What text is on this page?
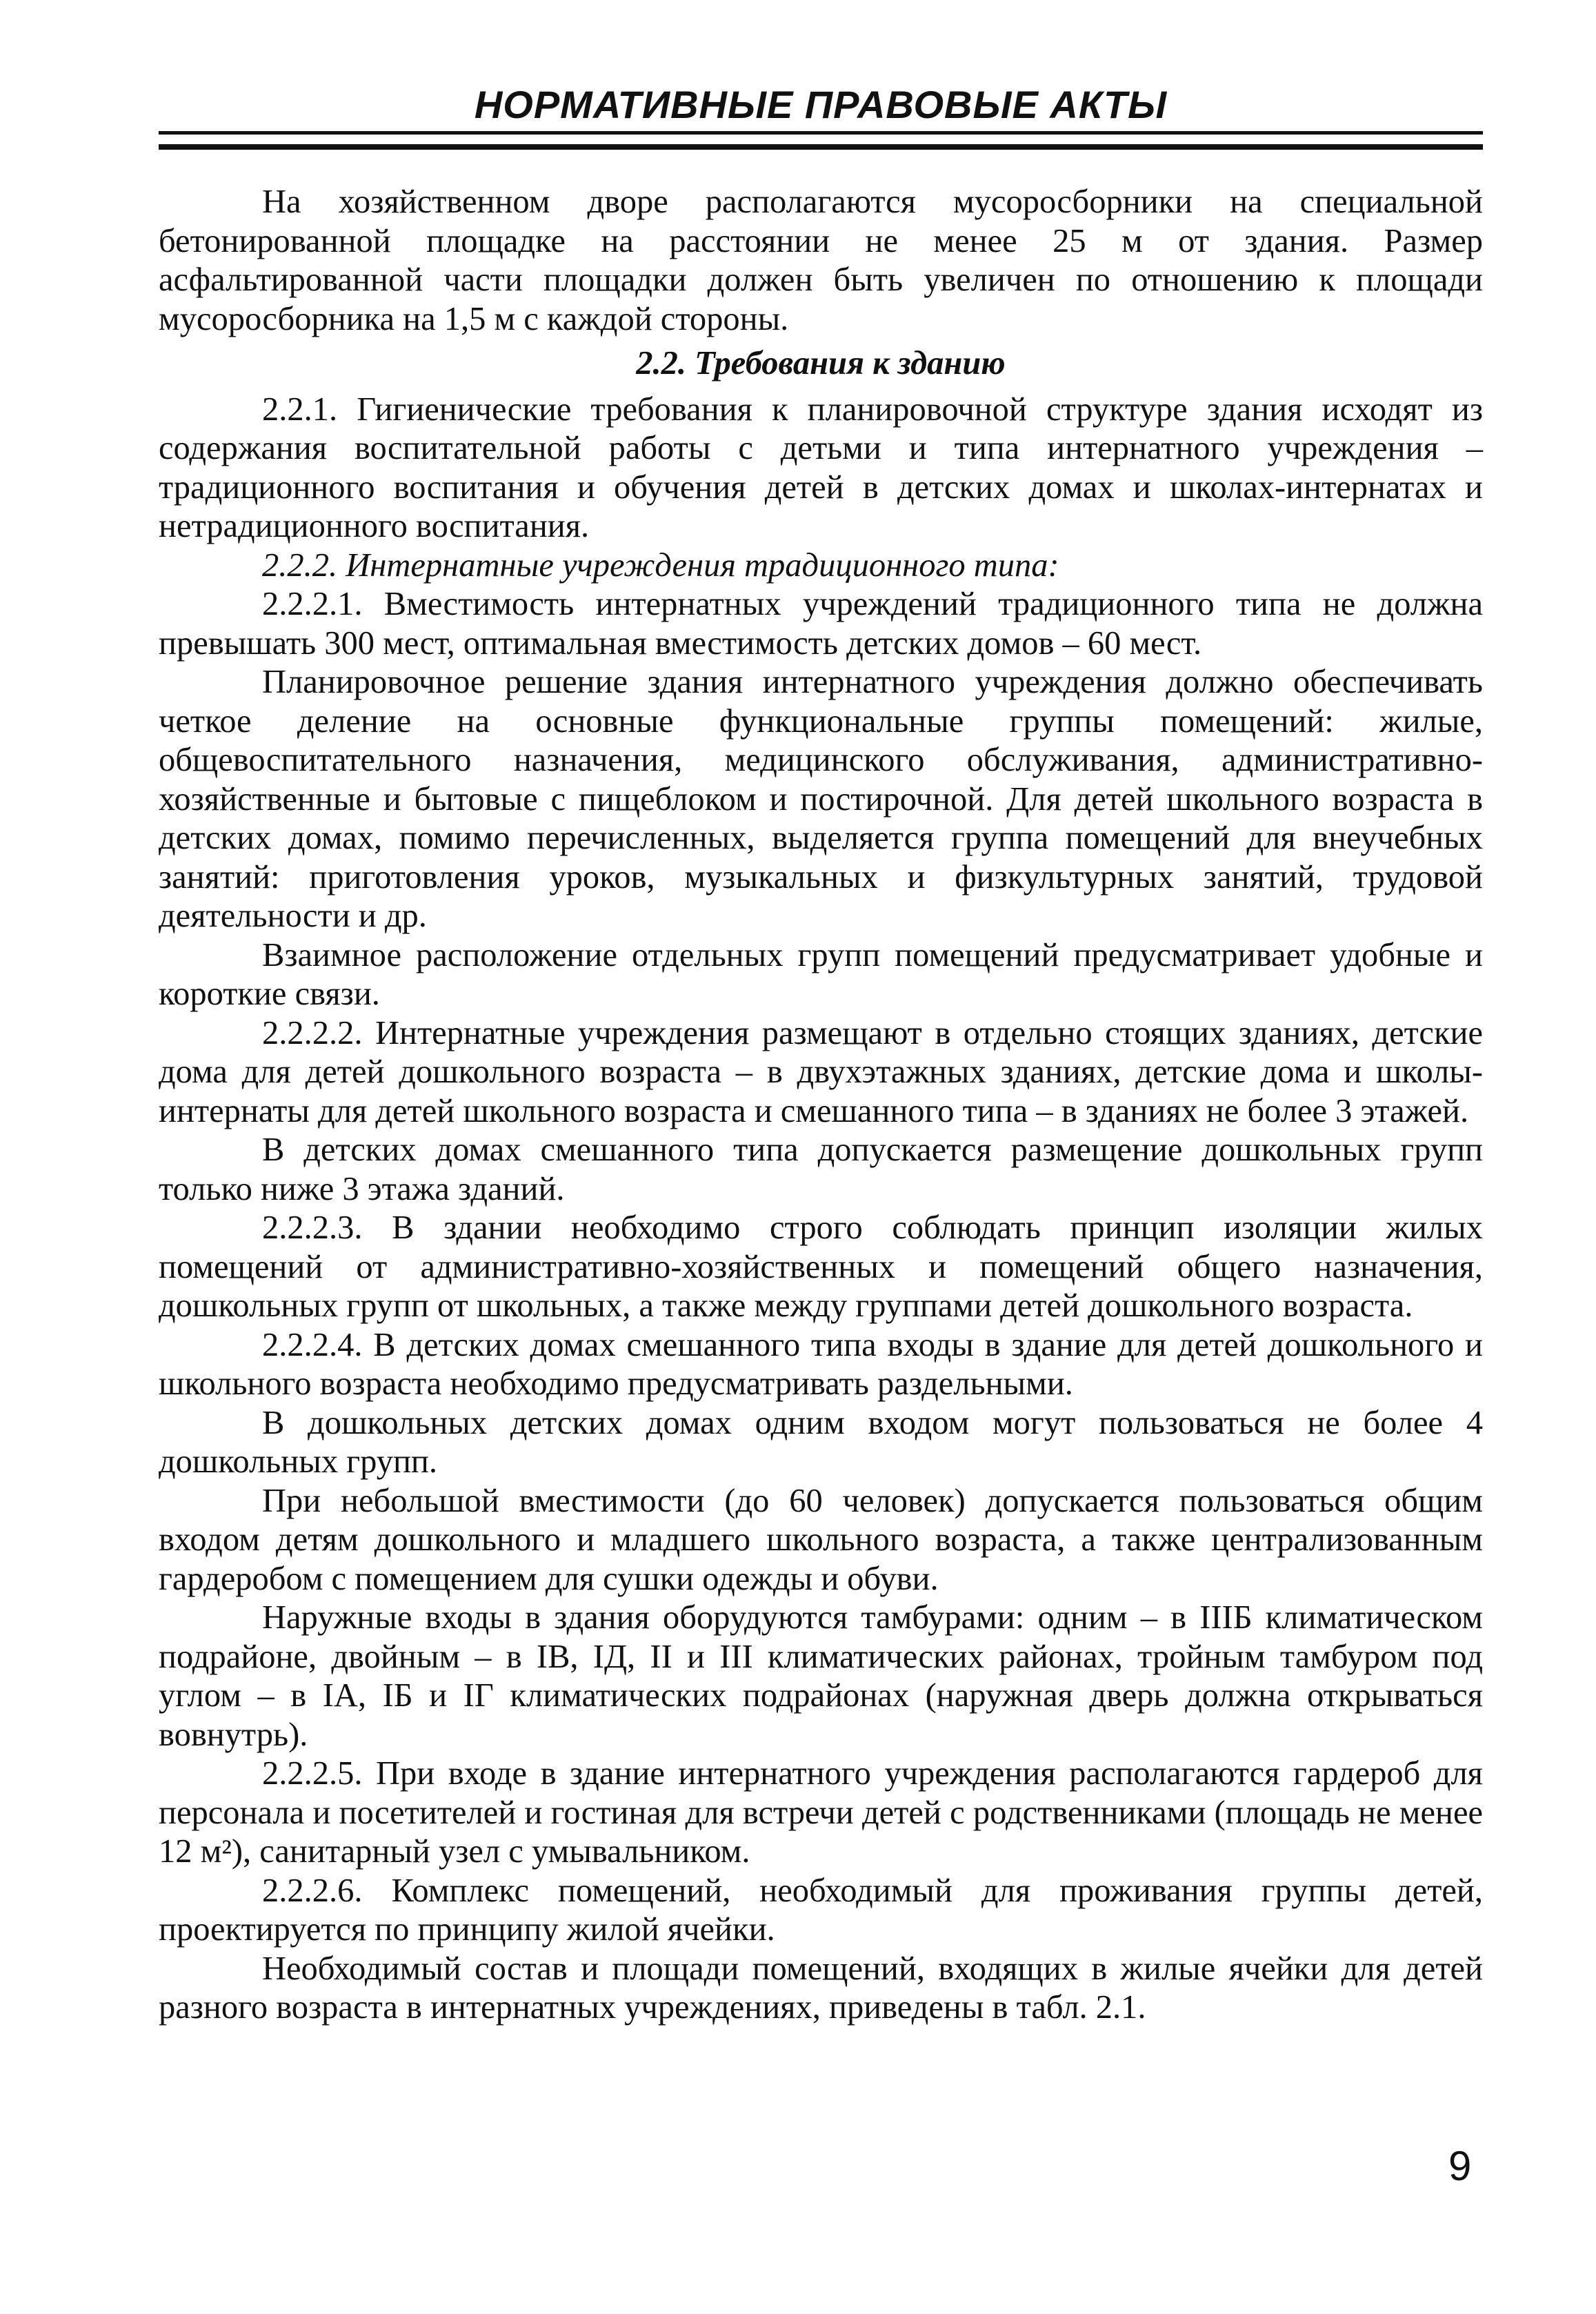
НОРМАТИВНЫЕ ПРАВОВЫЕ АКТЫ

На хозяйственном дворе располагаются мусоросборники на специальной бетонированной площадке на расстоянии не менее 25 м от здания. Размер асфальтированной части площадки должен быть увеличен по отношению к площади мусоросборника на 1,5 м с каждой стороны.

2.2. Требования к зданию

2.2.1. Гигиенические требования к планировочной структуре здания исходят из содержания воспитательной работы с детьми и типа интернатного учреждения – традиционного воспитания и обучения детей в детских домах и школах-интернатах и нетрадиционного воспитания.

2.2.2. Интернатные учреждения традиционного типа:

2.2.2.1. Вместимость интернатных учреждений традиционного типа не должна превышать 300 мест, оптимальная вместимость детских домов – 60 мест.

Планировочное решение здания интернатного учреждения должно обеспечивать четкое деление на основные функциональные группы помещений: жилые, общевоспитательного назначения, медицинского обслуживания, административно-хозяйственные и бытовые с пищеблоком и постирочной. Для детей школьного возраста в детских домах, помимо перечисленных, выделяется группа помещений для внеучебных занятий: приготовления уроков, музыкальных и физкультурных занятий, трудовой деятельности и др.

Взаимное расположение отдельных групп помещений предусматривает удобные и короткие связи.

2.2.2.2. Интернатные учреждения размещают в отдельно стоящих зданиях, детские дома для детей дошкольного возраста – в двухэтажных зданиях, детские дома и школы-интернаты для детей школьного возраста и смешанного типа – в зданиях не более 3 этажей.

В детских домах смешанного типа допускается размещение дошкольных групп только ниже 3 этажа зданий.

2.2.2.3. В здании необходимо строго соблюдать принцип изоляции жилых помещений от административно-хозяйственных и помещений общего назначения, дошкольных групп от школьных, а также между группами детей дошкольного возраста.

2.2.2.4. В детских домах смешанного типа входы в здание для детей дошкольного и школьного возраста необходимо предусматривать раздельными.

В дошкольных детских домах одним входом могут пользоваться не более 4 дошкольных групп.

При небольшой вместимости (до 60 человек) допускается пользоваться общим входом детям дошкольного и младшего школьного возраста, а также централизованным гардеробом с помещением для сушки одежды и обуви.

Наружные входы в здания оборудуются тамбурами: одним – в IIIБ климатическом подрайоне, двойным – в IВ, IД, II и III климатических районах, тройным тамбуром под углом – в IА, IБ и IГ климатических подрайонах (наружная дверь должна открываться вовнутрь).

2.2.2.5. При входе в здание интернатного учреждения располагаются гардероб для персонала и посетителей и гостиная для встречи детей с родственниками (площадь не менее 12 м²), санитарный узел с умывальником.

2.2.2.6. Комплекс помещений, необходимый для проживания группы детей, проектируется по принципу жилой ячейки.

Необходимый состав и площади помещений, входящих в жилые ячейки для детей разного возраста в интернатных учреждениях, приведены в табл. 2.1.

9
